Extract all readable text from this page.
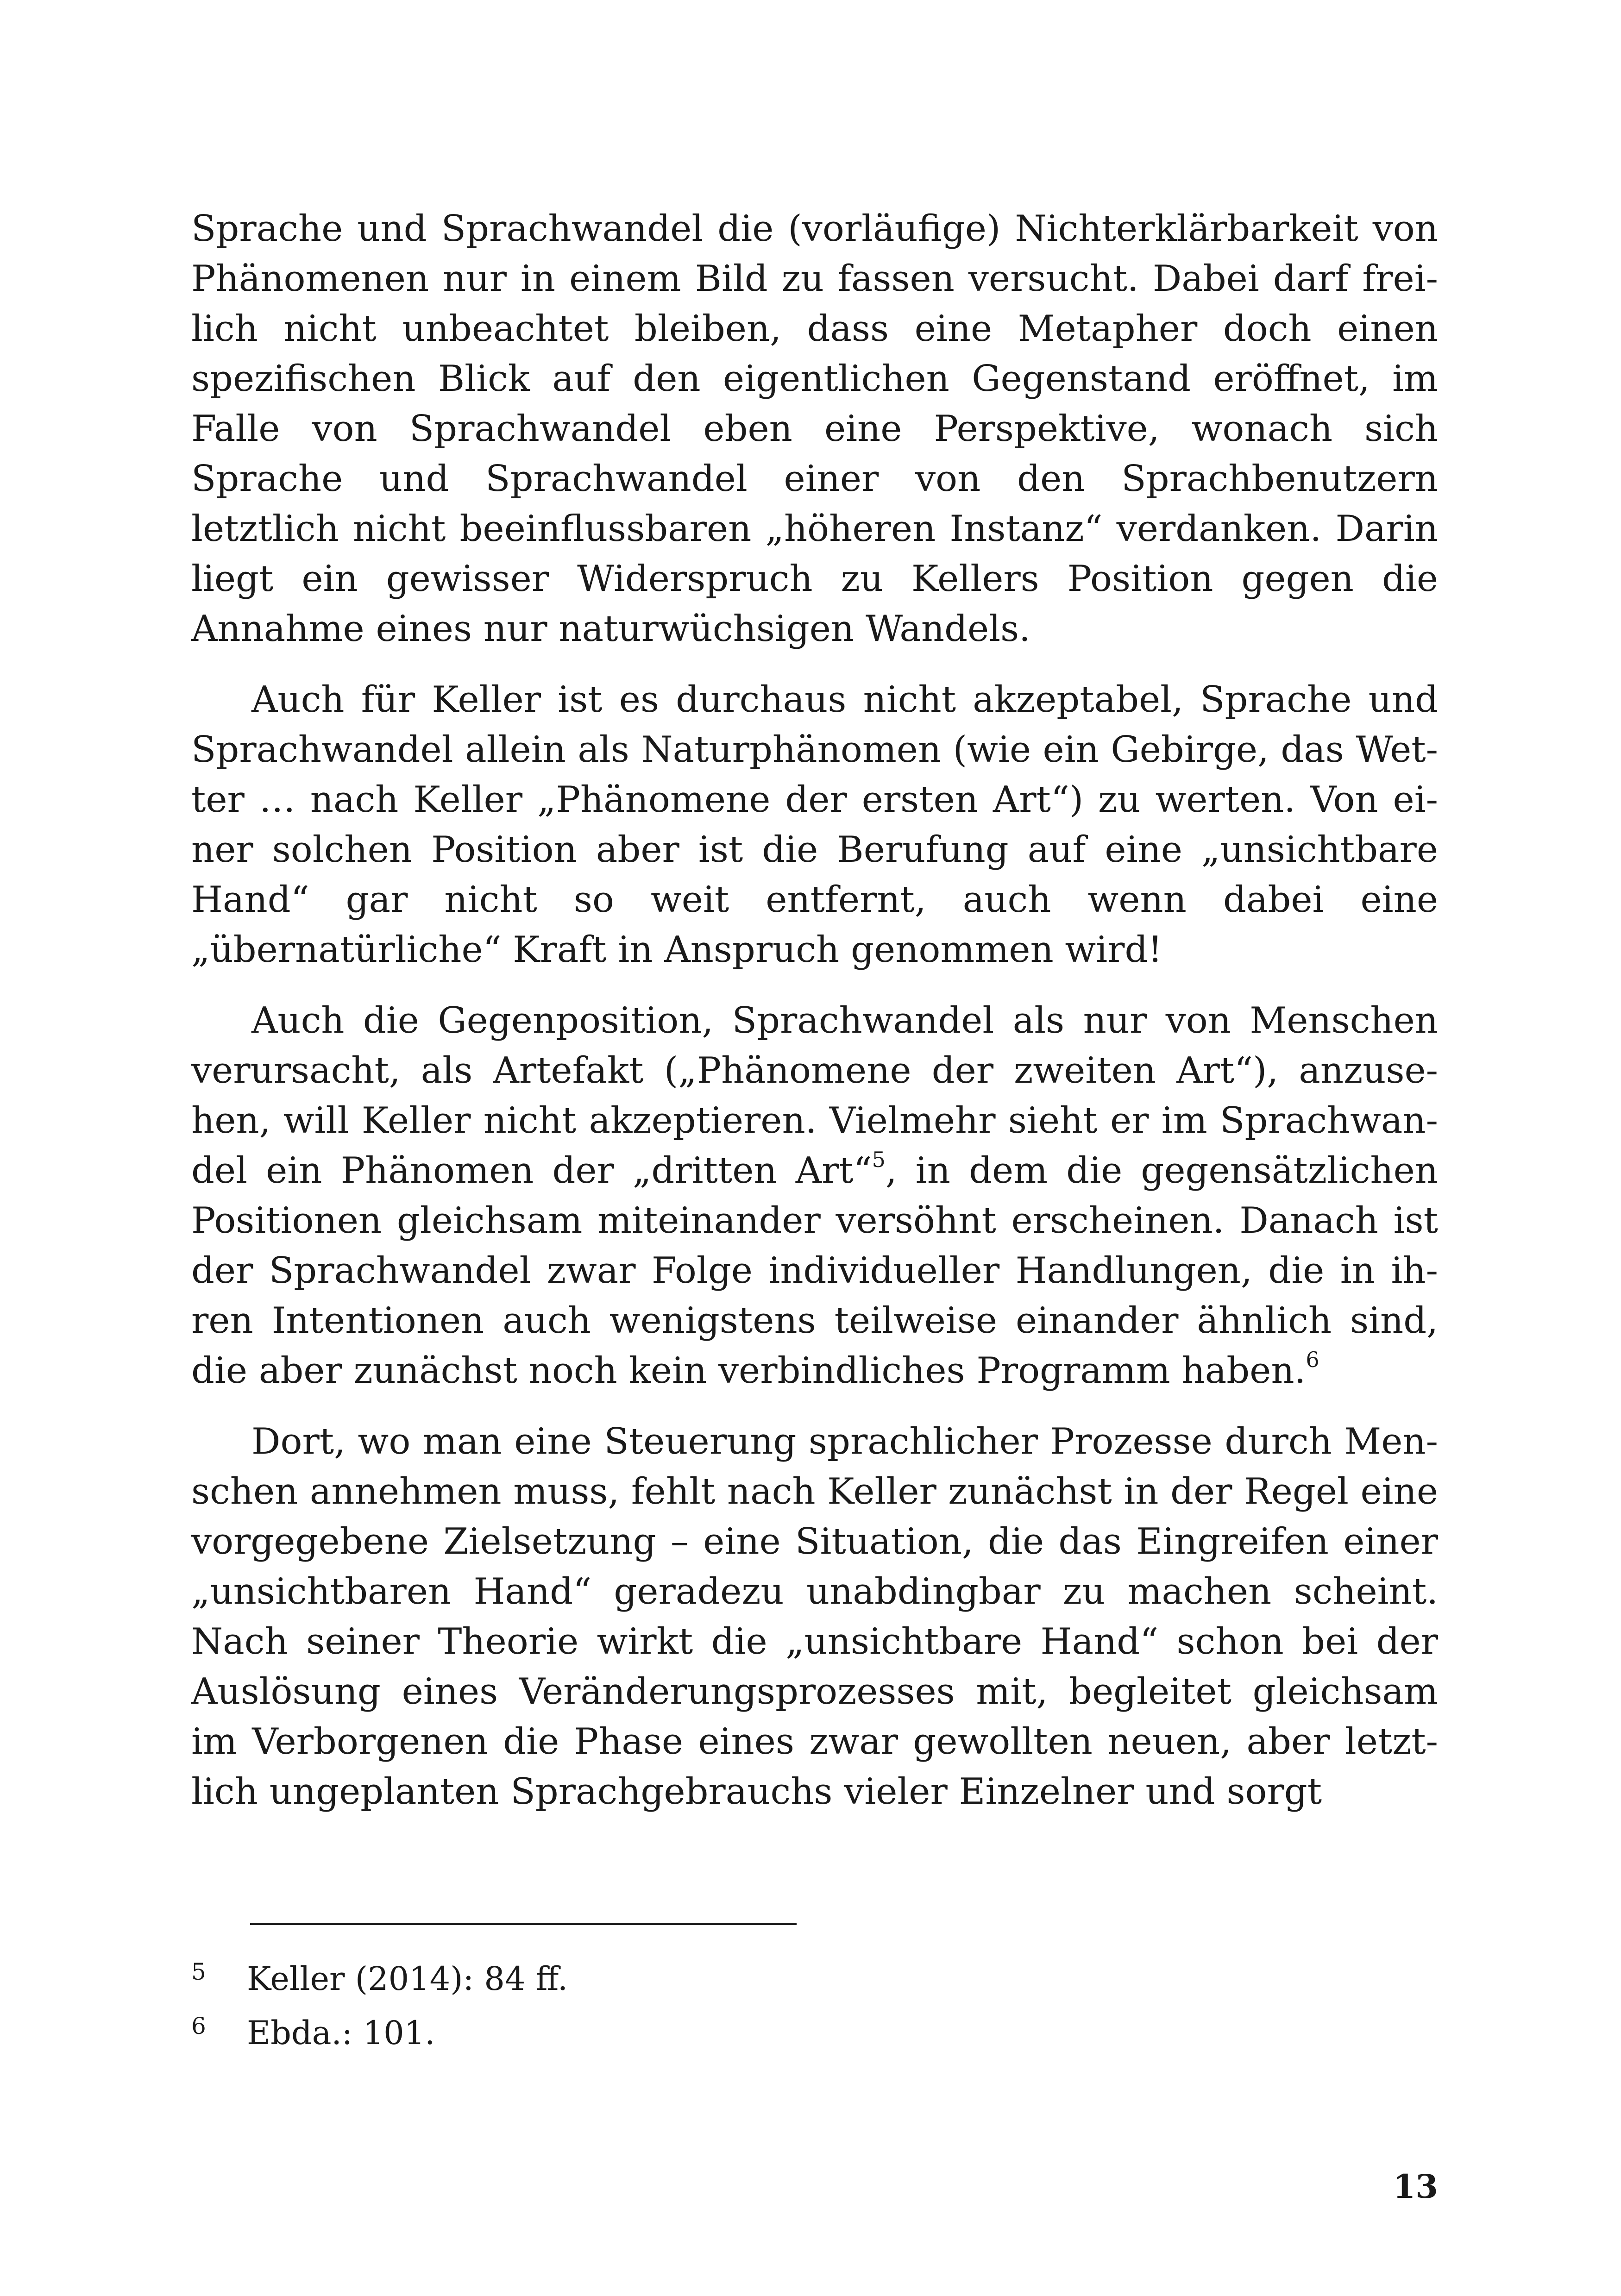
Sprache und Sprachwandel die (vorläufige) Nichterklärbarkeit von Phänomenen nur in einem Bild zu fassen versucht. Dabei darf freilich nicht unbeachtet bleiben, dass eine Metapher doch einen spezifischen Blick auf den eigentlichen Gegenstand eröffnet, im Falle von Sprachwandel eben eine Perspektive, wonach sich Sprache und Sprachwandel einer von den Sprachbenutzern letztlich nicht beeinflussbaren „höheren Instanz“ verdanken. Darin liegt ein gewisser Widerspruch zu Kellers Position gegen die Annahme eines nur naturwüchsigen Wandels.

Auch für Keller ist es durchaus nicht akzeptabel, Sprache und Sprachwandel allein als Naturphänomen (wie ein Gebirge, das Wetter … nach Keller „Phänomene der ersten Art“) zu werten. Von einer solchen Position aber ist die Berufung auf eine „unsichtbare Hand“ gar nicht so weit entfernt, auch wenn dabei eine „übernatürliche“ Kraft in Anspruch genommen wird!

Auch die Gegenposition, Sprachwandel als nur von Menschen verursacht, als Artefakt („Phänomene der zweiten Art“), anzusehen, will Keller nicht akzeptieren. Vielmehr sieht er im Sprachwandel ein Phänomen der „dritten Art“$^5$, in dem die gegensätzlichen Positionen gleichsam miteinander versöhnt erscheinen. Danach ist der Sprachwandel zwar Folge individueller Handlungen, die in ihren Intentionen auch wenigstens teilweise einander ähnlich sind, die aber zunächst noch kein verbindliches Programm haben.$^6$

Dort, wo man eine Steuerung sprachlicher Prozesse durch Menschen annehmen muss, fehlt nach Keller zunächst in der Regel eine vorgegebene Zielsetzung – eine Situation, die das Eingreifen einer „unsichtbaren Hand“ geradezu unabdingbar zu machen scheint. Nach seiner Theorie wirkt die „unsichtbare Hand“ schon bei der Auslösung eines Veränderungsprozesses mit, begleitet gleichsam im Verborgenen die Phase eines zwar gewollten neuen, aber letztlich ungeplanten Sprachgebrauchs vieler Einzelner und sorgt

5	Keller (2014): 84 ff.
6	Ebda.: 101.
13
